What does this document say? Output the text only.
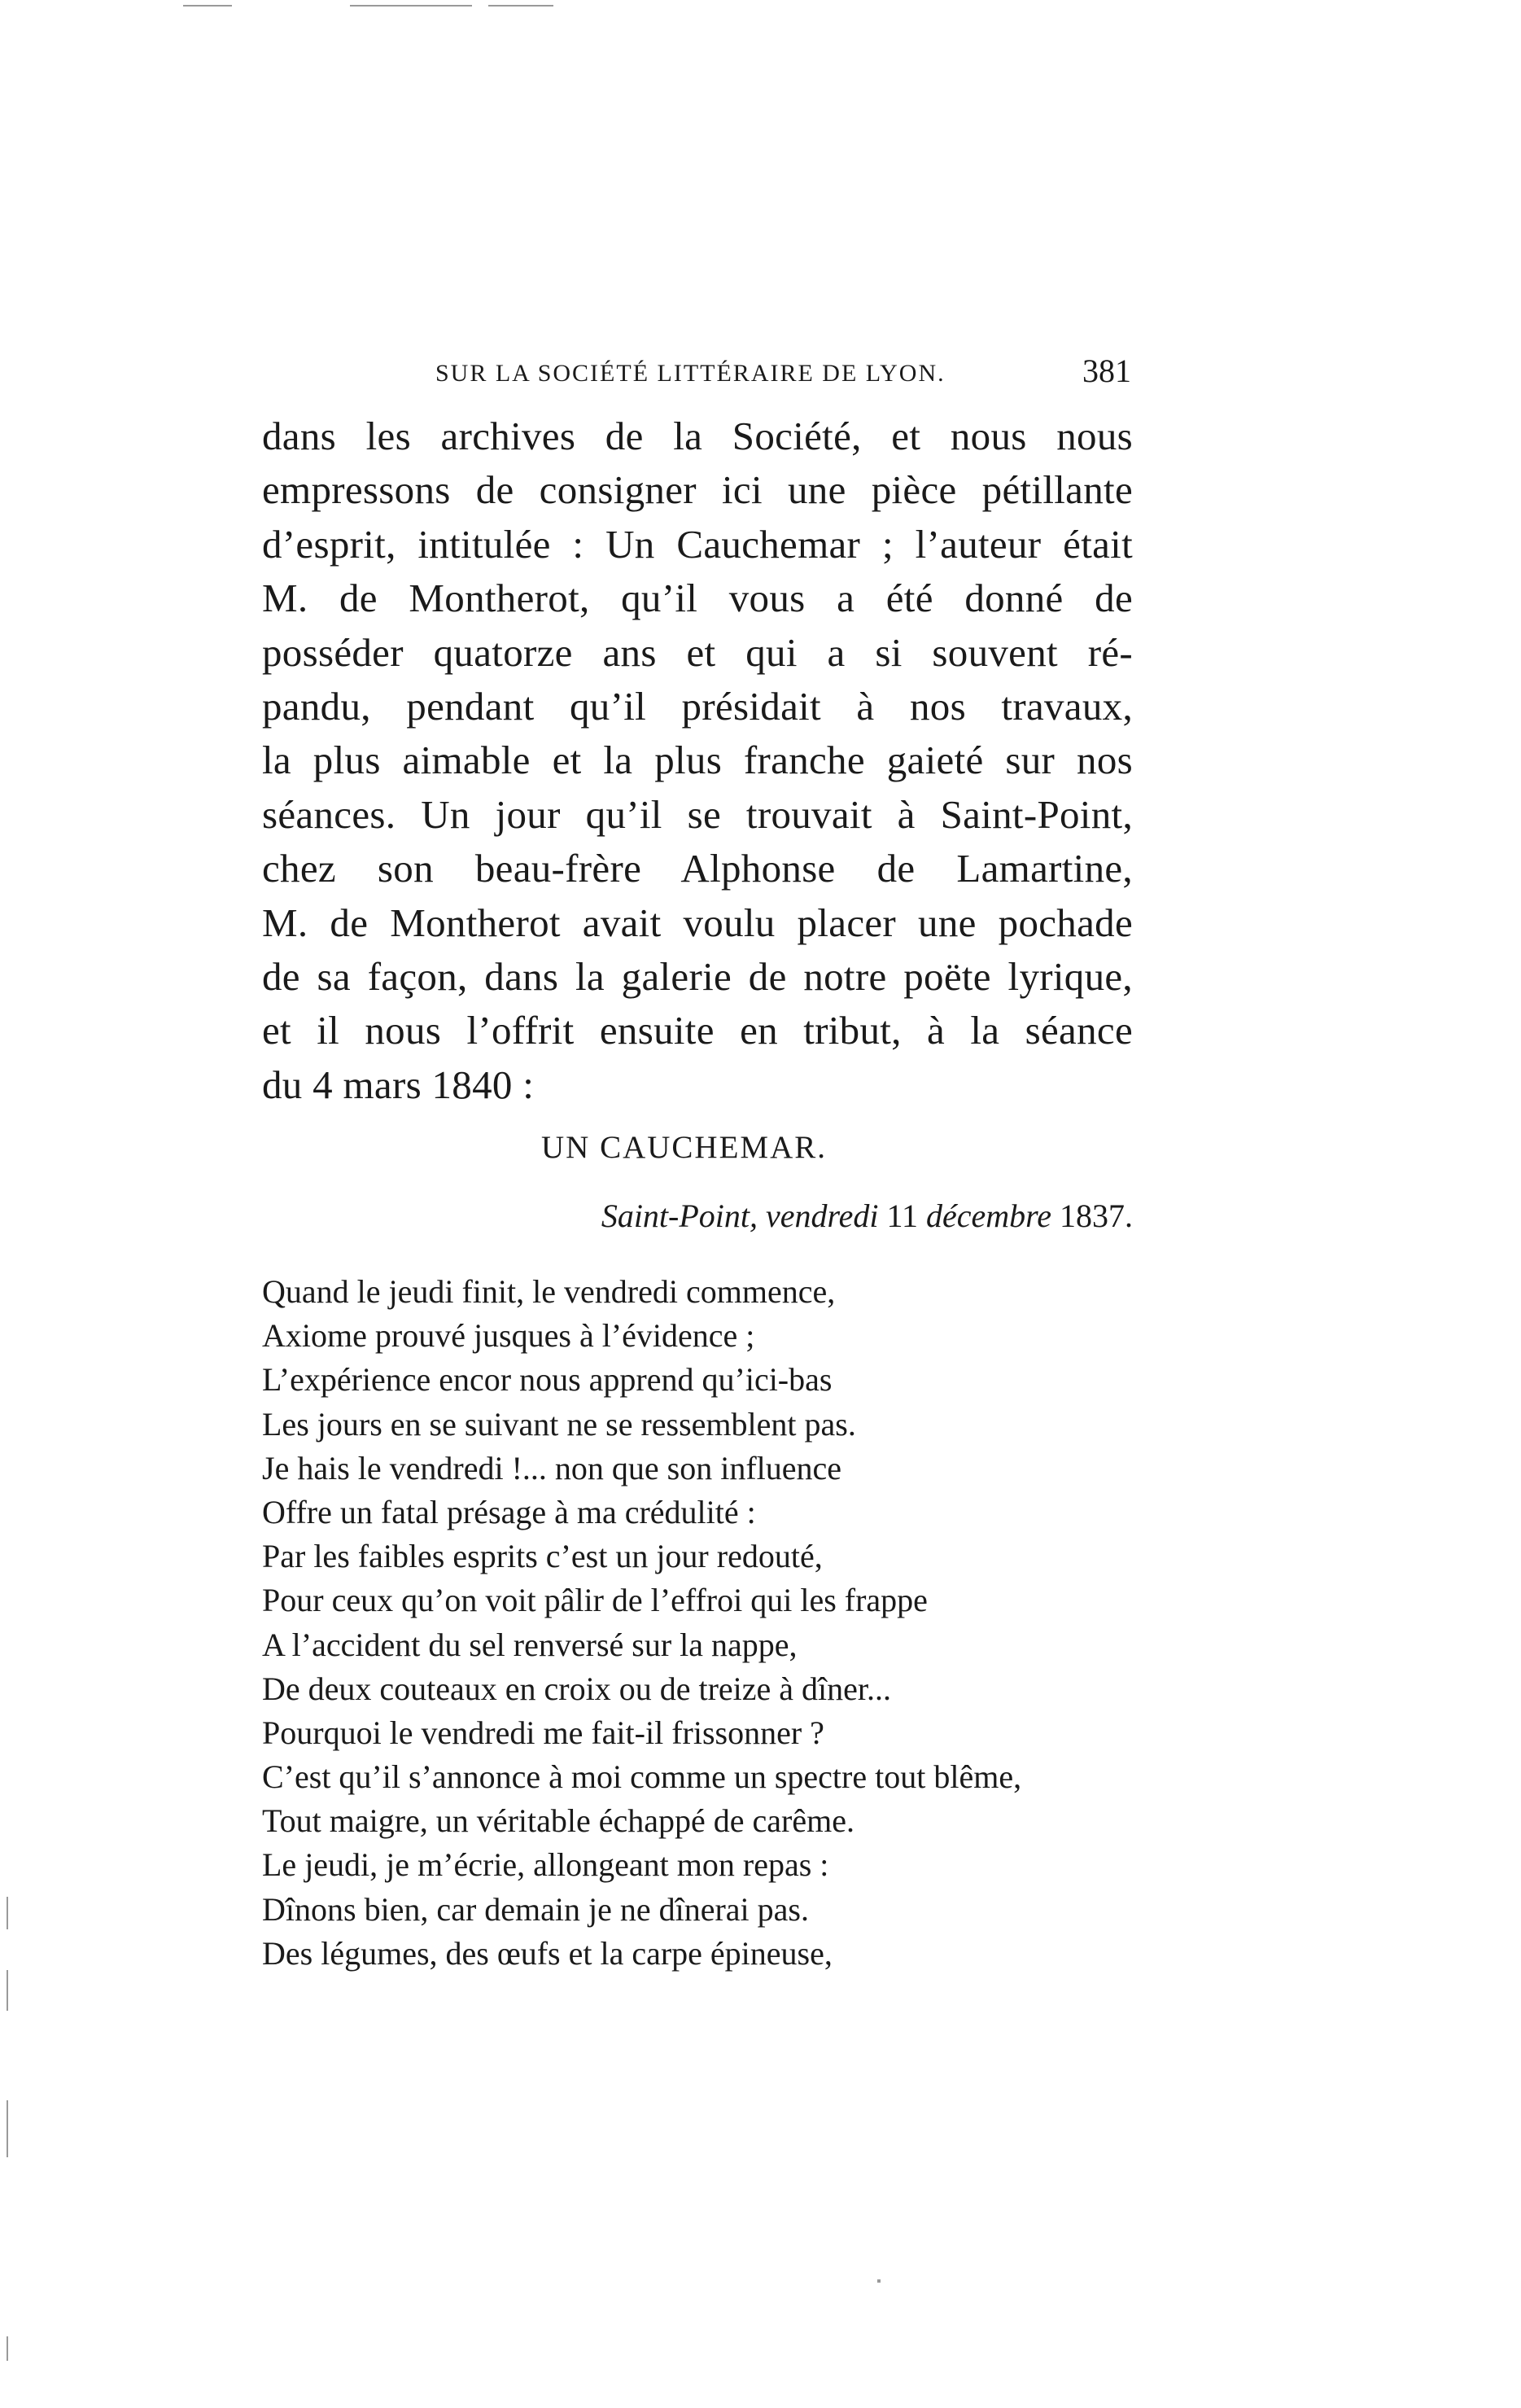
SUR LA SOCIÉTÉ LITTÉRAIRE DE LYON.	381
dans les archives de la Société, et nous nous
empressons de consigner ici une pièce pétillante
d’esprit, intitulée : Un Cauchemar ; l’auteur était
M. de Montherot, qu’il vous a été donné de
posséder quatorze ans et qui a si souvent ré-
pandu, pendant qu’il présidait à nos travaux,
la plus aimable et la plus franche gaieté sur nos
séances. Un jour qu’il se trouvait à Saint-Point,
chez son beau-frère Alphonse de Lamartine,
M. de Montherot avait voulu placer une pochade
de sa façon, dans la galerie de notre poëte lyrique,
et il nous l’offrit ensuite en tribut, à la séance
du 4 mars 1840 :
UN CAUCHEMAR.
Saint-Point, vendredi 11 décembre 1837.
Quand le jeudi finit, le vendredi commence,
Axiome prouvé jusques à l’évidence ;
L’expérience encor nous apprend qu’ici-bas
Les jours en se suivant ne se ressemblent pas.
Je hais le vendredi !... non que son influence
Offre un fatal présage à ma crédulité :
Par les faibles esprits c’est un jour redouté,
Pour ceux qu’on voit pâlir de l’effroi qui les frappe
A l’accident du sel renversé sur la nappe,
De deux couteaux en croix ou de treize à dîner...
Pourquoi le vendredi me fait-il frissonner ?
C’est qu’il s’annonce à moi comme un spectre tout blême,
Tout maigre, un véritable échappé de carême.
Le jeudi, je m’écrie, allongeant mon repas :
Dînons bien, car demain je ne dînerai pas.
Des légumes, des œufs et la carpe épineuse,
